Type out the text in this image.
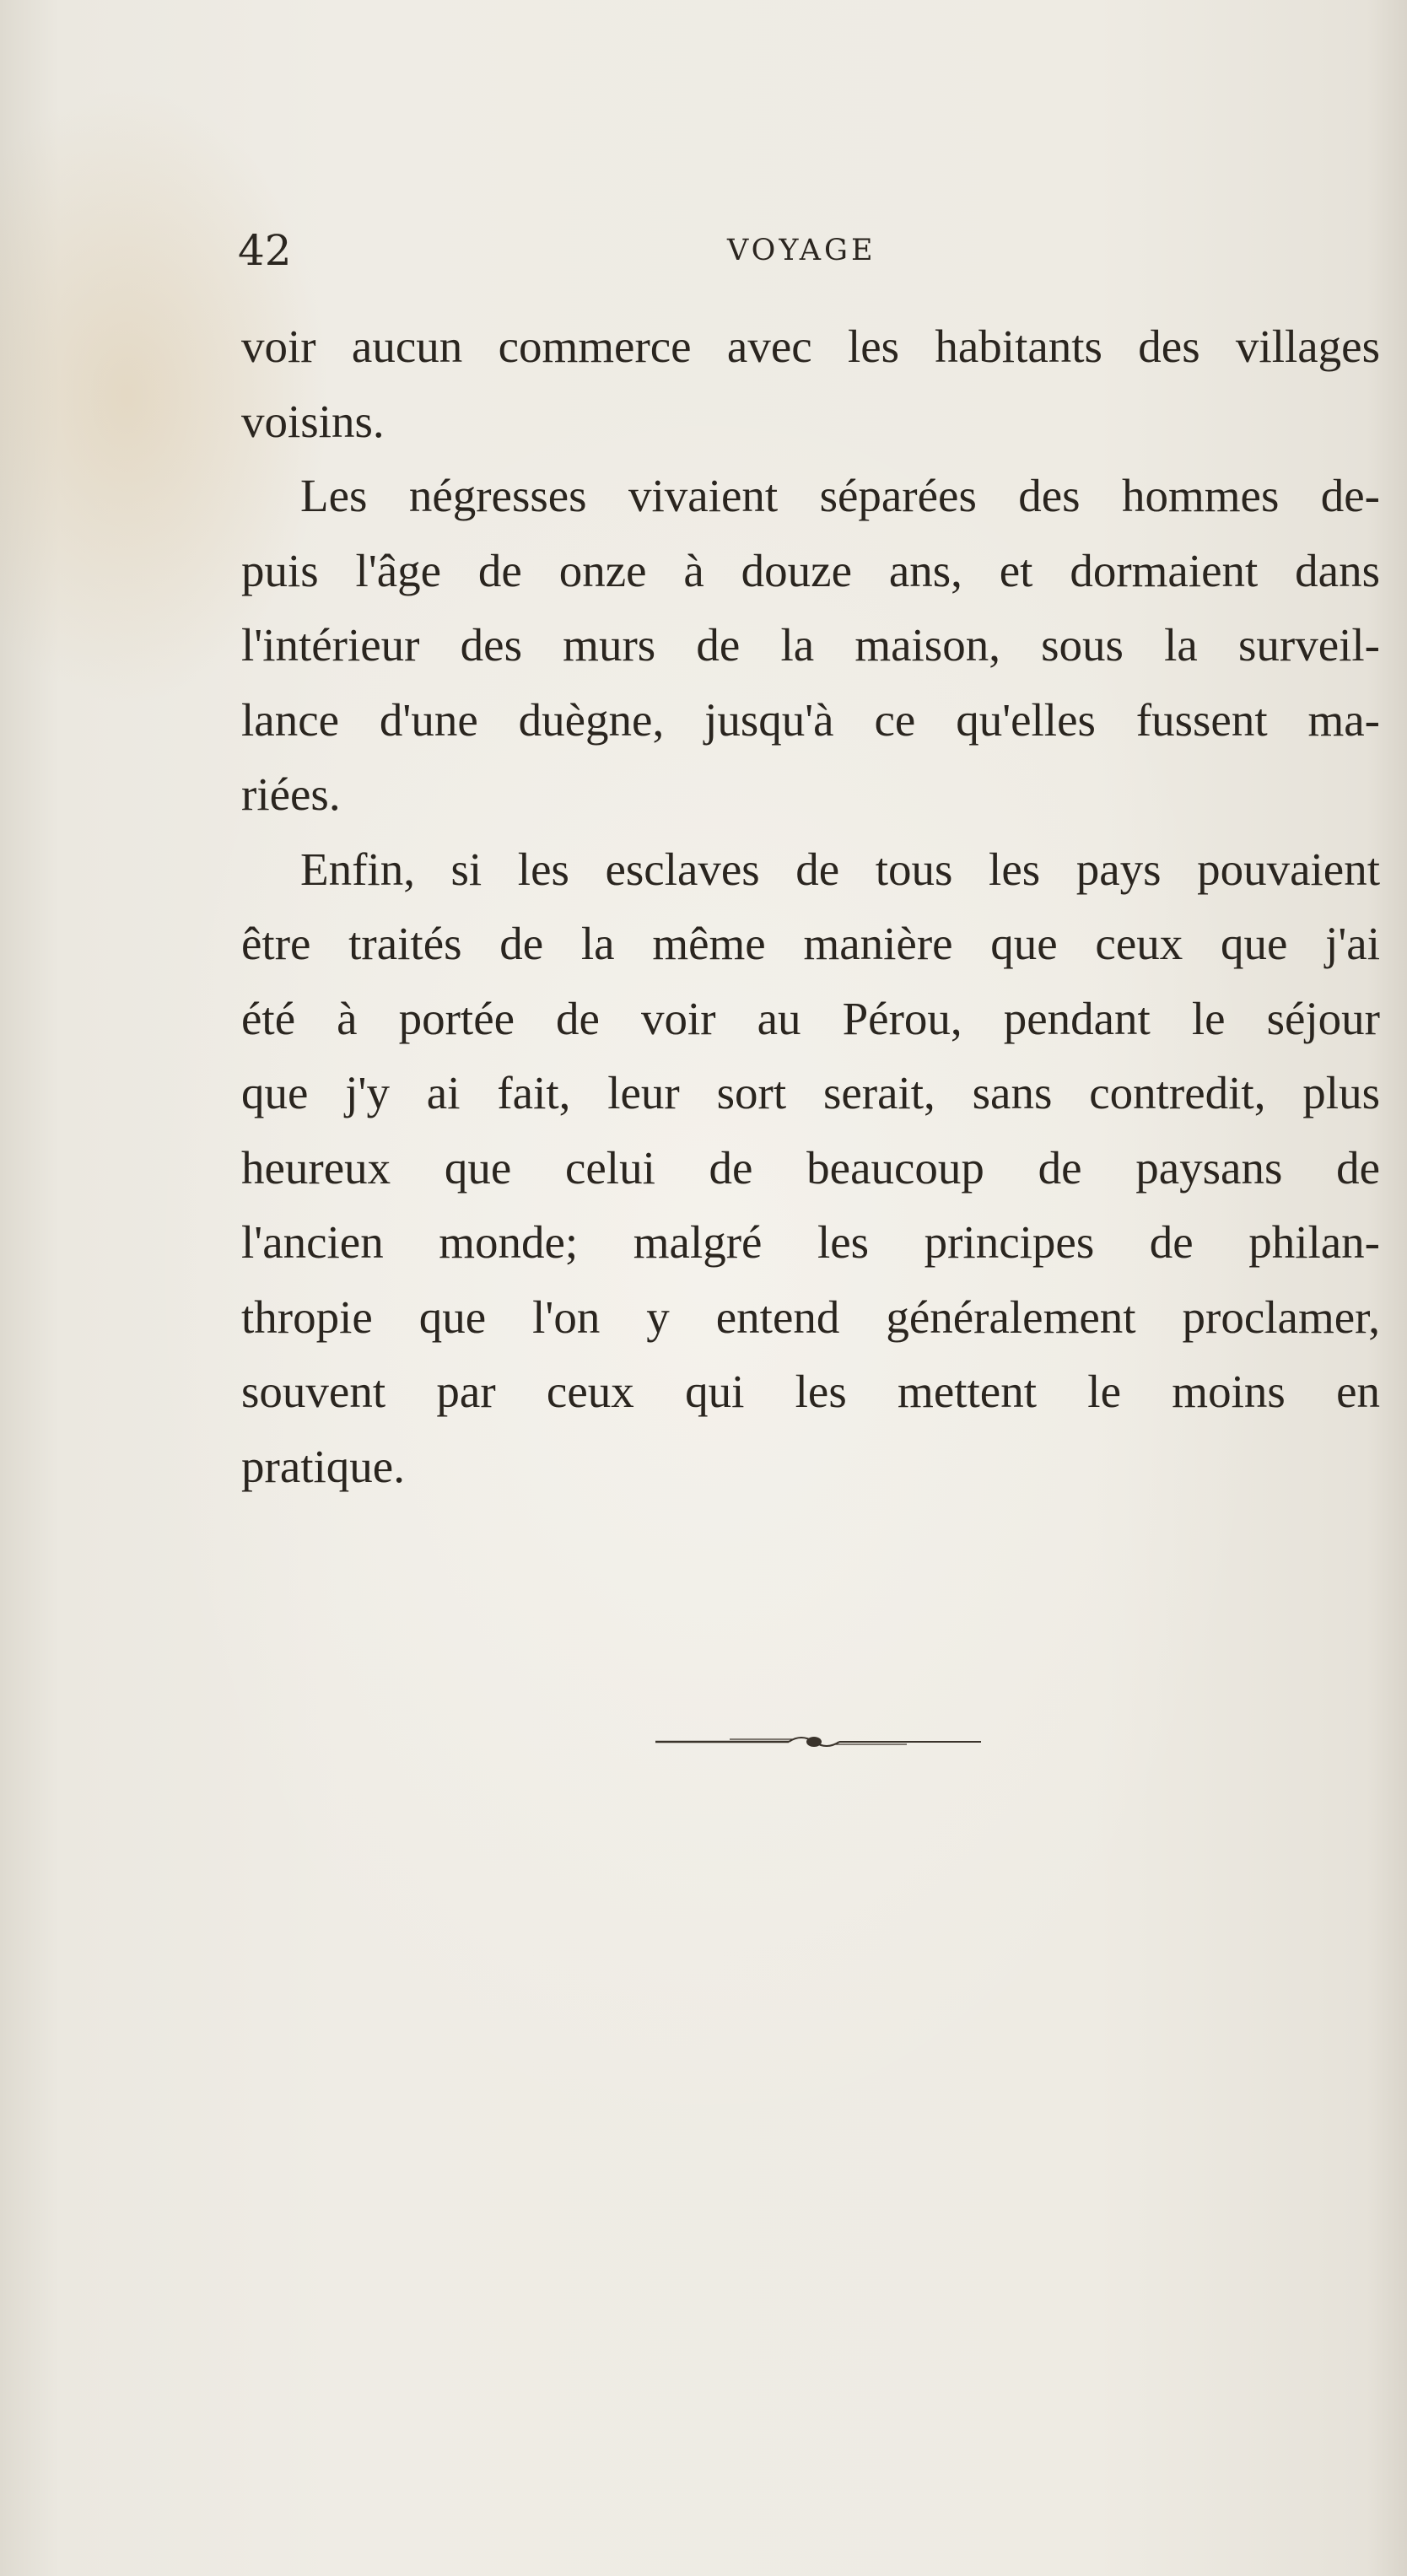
42	VOYAGE

voir aucun commerce avec les habitants des villages
voisins.

Les négresses vivaient séparées des hommes de-
puis l'âge de onze à douze ans, et dormaient dans
l'intérieur des murs de la maison, sous la surveil-
lance d'une duègne, jusqu'à ce qu'elles fussent ma-
riées.

Enfin, si les esclaves de tous les pays pouvaient
être traités de la même manière que ceux que j'ai
été à portée de voir au Pérou, pendant le séjour
que j'y ai fait, leur sort serait, sans contredit, plus
heureux que celui de beaucoup de paysans de
l'ancien monde; malgré les principes de philan-
thropie que l'on y entend généralement proclamer,
souvent par ceux qui les mettent le moins en
pratique.
